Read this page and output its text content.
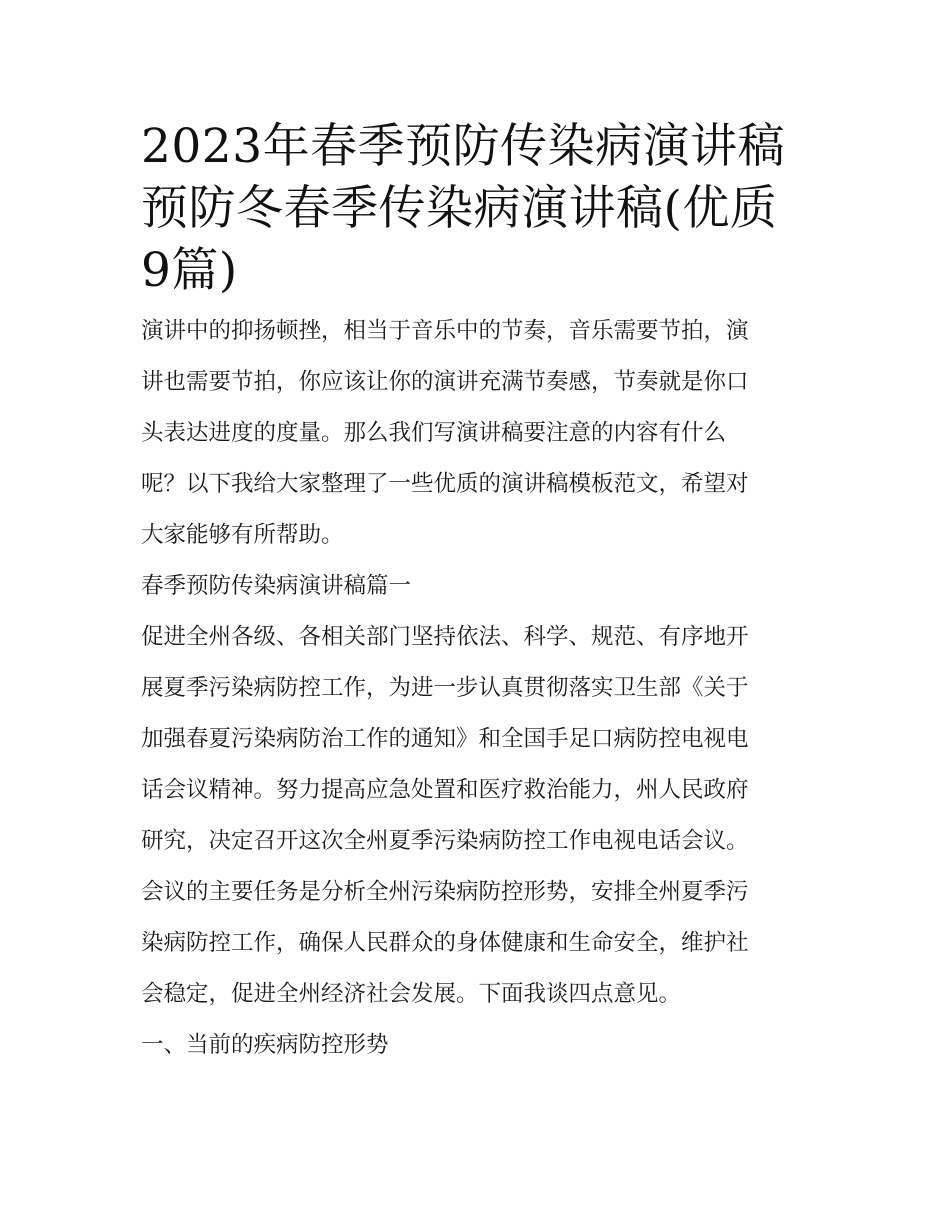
2023年春季预防传染病演讲稿
预防冬春季传染病演讲稿(优质
9篇)
演讲中的抑扬顿挫，相当于音乐中的节奏，音乐需要节拍，演
讲也需要节拍，你应该让你的演讲充满节奏感，节奏就是你口
头表达进度的度量。那么我们写演讲稿要注意的内容有什么
呢？以下我给大家整理了一些优质的演讲稿模板范文，希望对
大家能够有所帮助。
春季预防传染病演讲稿篇一
促进全州各级、各相关部门坚持依法、科学、规范、有序地开
展夏季污染病防控工作，为进一步认真贯彻落实卫生部《关于
加强春夏污染病防治工作的通知》和全国手足口病防控电视电
话会议精神。努力提高应急处置和医疗救治能力，州人民政府
研究，决定召开这次全州夏季污染病防控工作电视电话会议。
会议的主要任务是分析全州污染病防控形势，安排全州夏季污
染病防控工作，确保人民群众的身体健康和生命安全，维护社
会稳定，促进全州经济社会发展。下面我谈四点意见。
一、当前的疾病防控形势
